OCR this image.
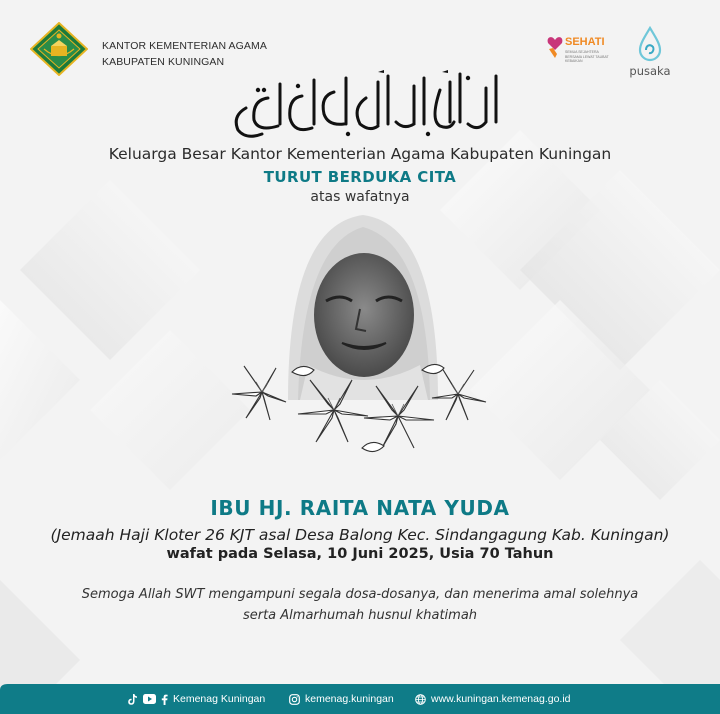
KANTOR KEMENTERIAN AGAMA
KABUPATEN KUNINGAN
SEHATI
SEMUA SEJAHTERA BERSAMA LEWAT TAUBAT KEBAIKAN
pusaka
Keluarga Besar Kantor Kementerian Agama Kabupaten Kuningan
TURUT BERDUKA CITA
atas wafatnya
IBU HJ. RAITA NATA YUDA
(Jemaah Haji Kloter 26 KJT asal Desa Balong Kec. Sindangagung Kab. Kuningan)
wafat pada Selasa, 10 Juni 2025, Usia 70 Tahun
Semoga Allah SWT mengampuni segala dosa-dosanya, dan menerima amal solehnya
serta Almarhumah husnul khatimah
Kemenag Kuningan	kemenag.kuningan	www.kuningan.kemenag.go.id
